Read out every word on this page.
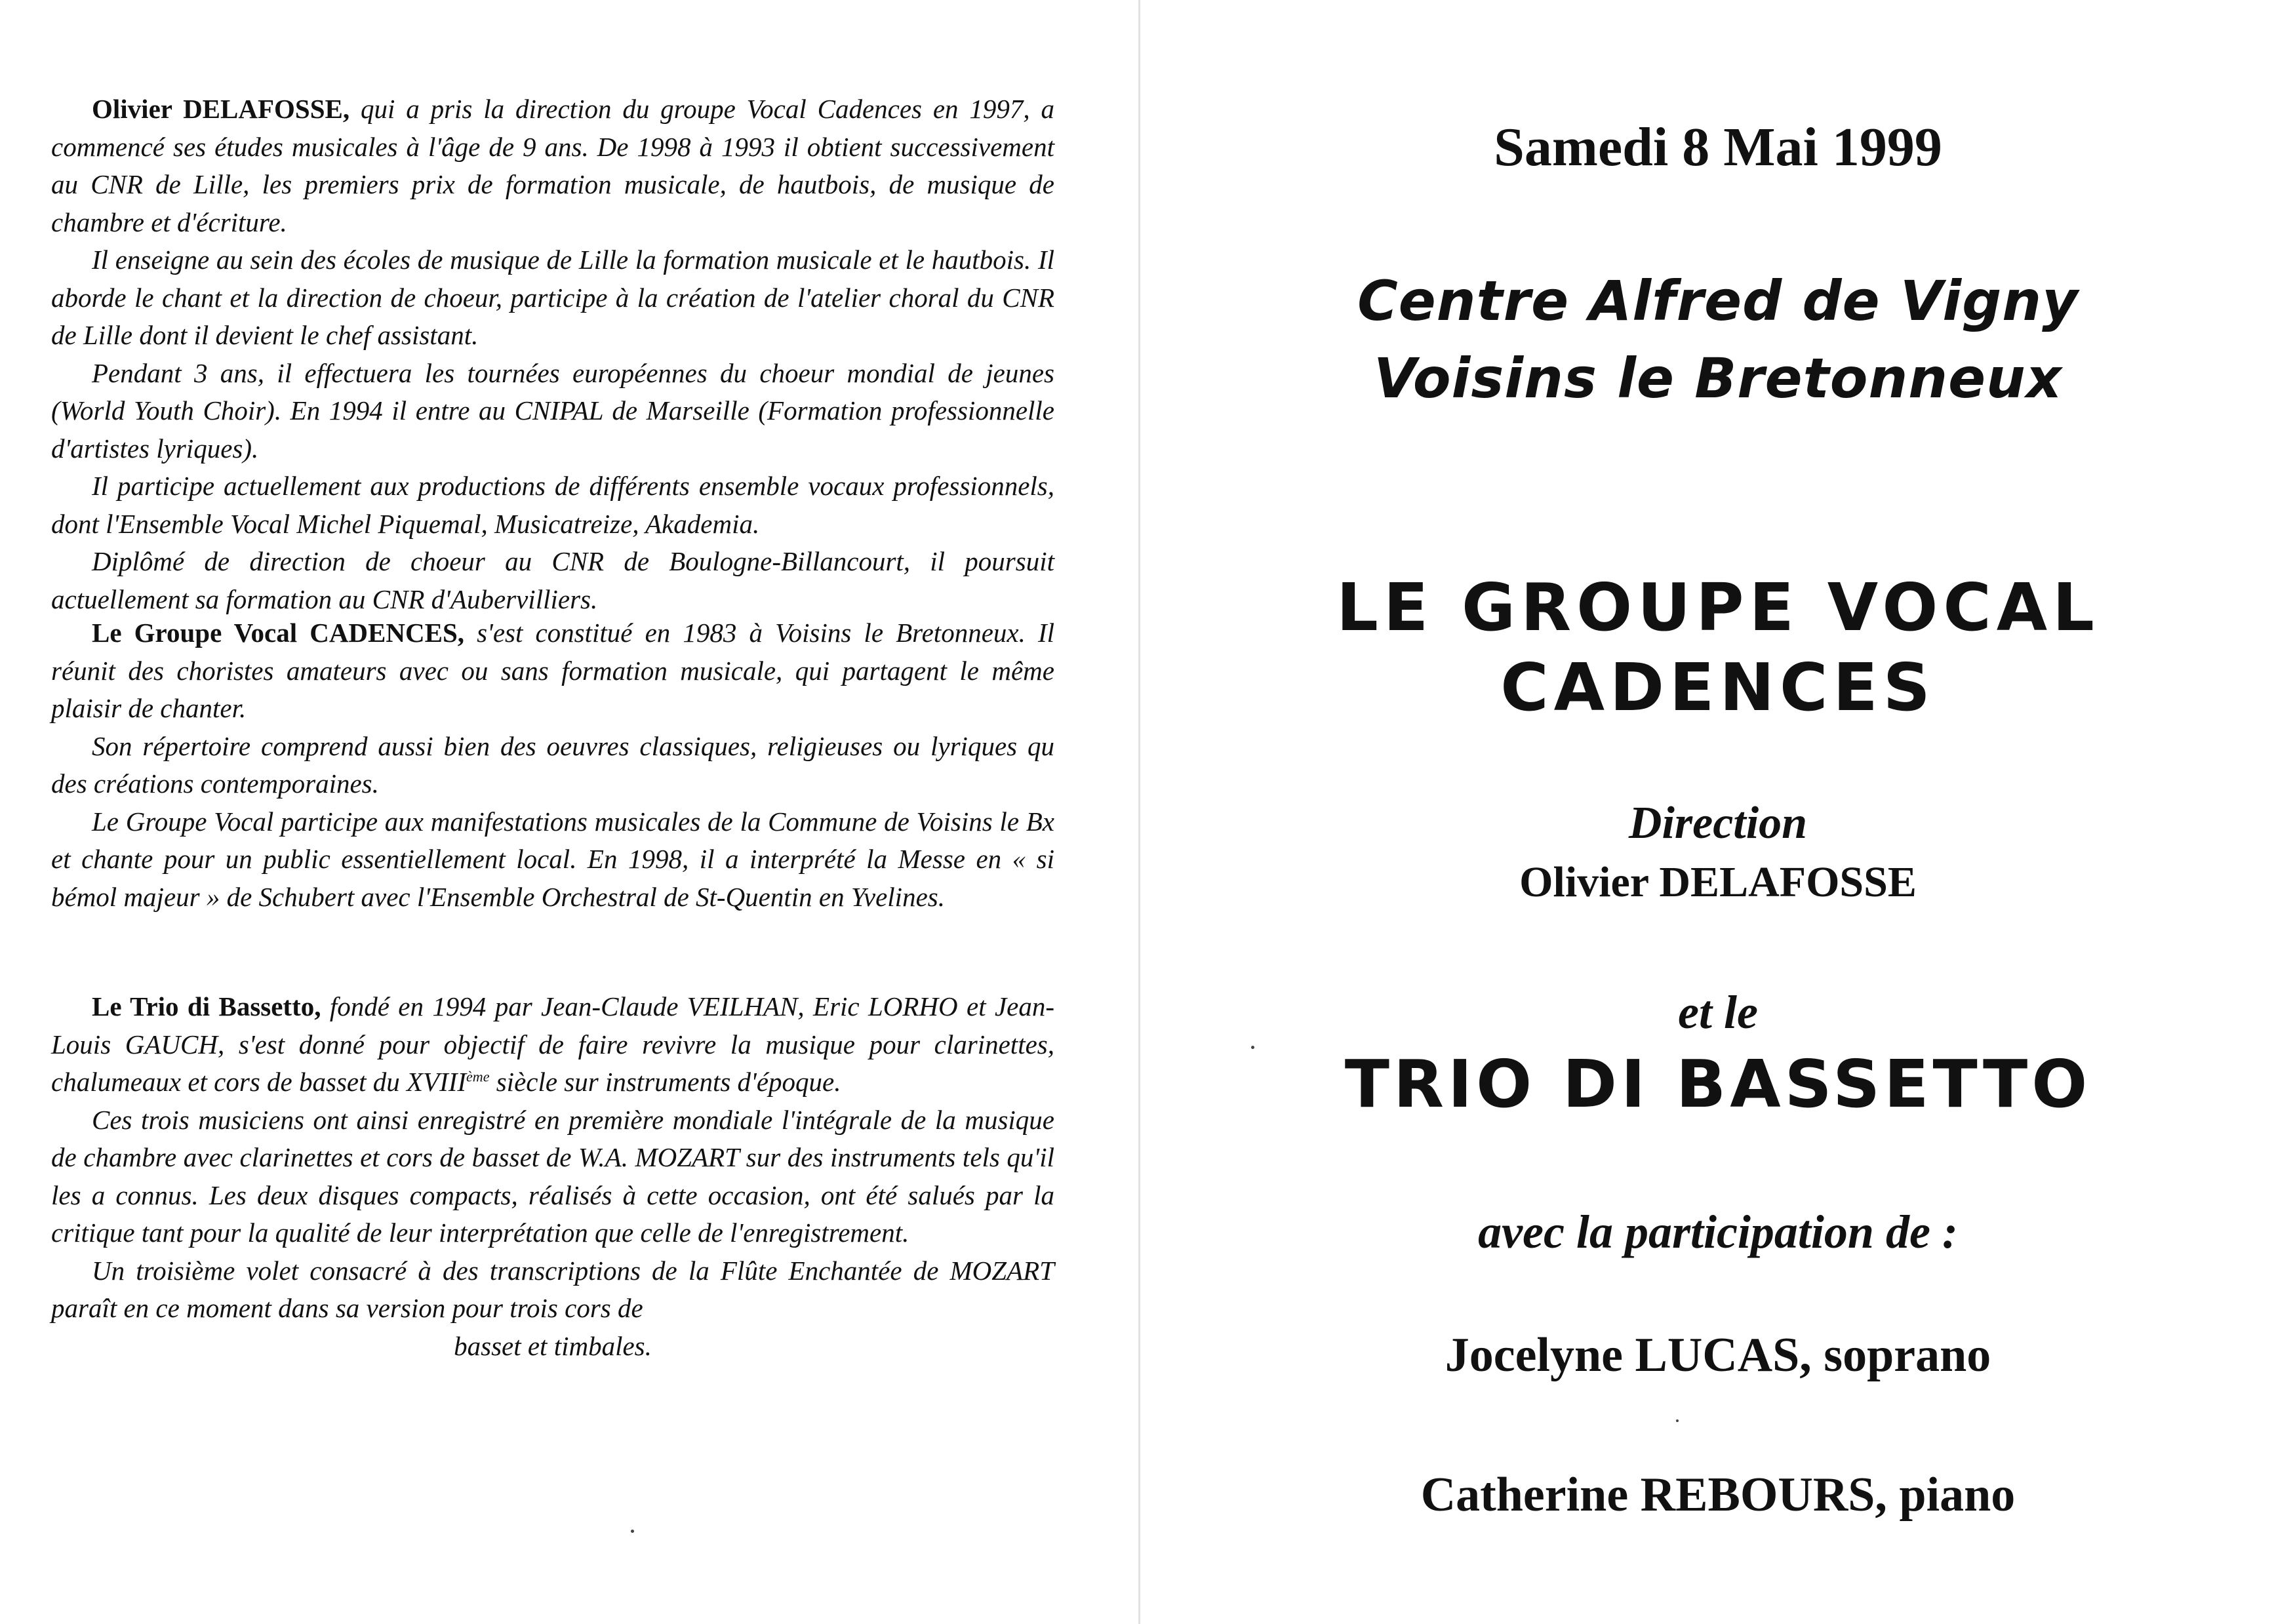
Olivier DELAFOSSE, qui a pris la direction du groupe Vocal Cadences en 1997, a commencé ses études musicales à l'âge de 9 ans. De 1998 à 1993 il obtient successivement au CNR de Lille, les premiers prix de formation musicale, de hautbois, de musique de chambre et d'écriture.

Il enseigne au sein des écoles de musique de Lille la formation musicale et le hautbois. Il aborde le chant et la direction de choeur, participe à la création de l'atelier choral du CNR de Lille dont il devient le chef assistant.

Pendant 3 ans, il effectuera les tournées européennes du choeur mondial de jeunes (World Youth Choir). En 1994 il entre au CNIPAL de Marseille (Formation professionnelle d'artistes lyriques).

Il participe actuellement aux productions de différents ensemble vocaux professionnels, dont l'Ensemble Vocal Michel Piquemal, Musicatreize, Akademia.

Diplômé de direction de choeur au CNR de Boulogne-Billancourt, il poursuit actuellement sa formation au CNR d'Aubervilliers.

Le Groupe Vocal CADENCES, s'est constitué en 1983 à Voisins le Bretonneux. Il réunit des choristes amateurs avec ou sans formation musicale, qui partagent le même plaisir de chanter.

Son répertoire comprend aussi bien des oeuvres classiques, religieuses ou lyriques qu des créations contemporaines.

Le Groupe Vocal participe aux manifestations musicales de la Commune de Voisins le Bx et chante pour un public essentiellement local. En 1998, il a interprété la Messe en « si bémol majeur » de Schubert avec l'Ensemble Orchestral de St-Quentin en Yvelines.

Le Trio di Bassetto, fondé en 1994 par Jean-Claude VEILHAN, Eric LORHO et Jean-Louis GAUCH, s'est donné pour objectif de faire revivre la musique pour clarinettes, chalumeaux et cors de basset du XVIIIème siècle sur instruments d'époque.

Ces trois musiciens ont ainsi enregistré en première mondiale l'intégrale de la musique de chambre avec clarinettes et cors de basset de W.A. MOZART sur des instruments tels qu'il les a connus. Les deux disques compacts, réalisés à cette occasion, ont été salués par la critique tant pour la qualité de leur interprétation que celle de l'enregistrement.

Un troisième volet consacré à des transcriptions de la Flûte Enchantée de MOZART paraît en ce moment dans sa version pour trois cors de

basset et timbales.

Samedi 8 Mai 1999
Centre Alfred de Vigny
Voisins le Bretonneux
LE GROUPE VOCAL
CADENCES
Direction
Olivier DELAFOSSE
et le
TRIO DI BASSETTO
avec la participation de :
Jocelyne LUCAS, soprano
Catherine REBOURS, piano
